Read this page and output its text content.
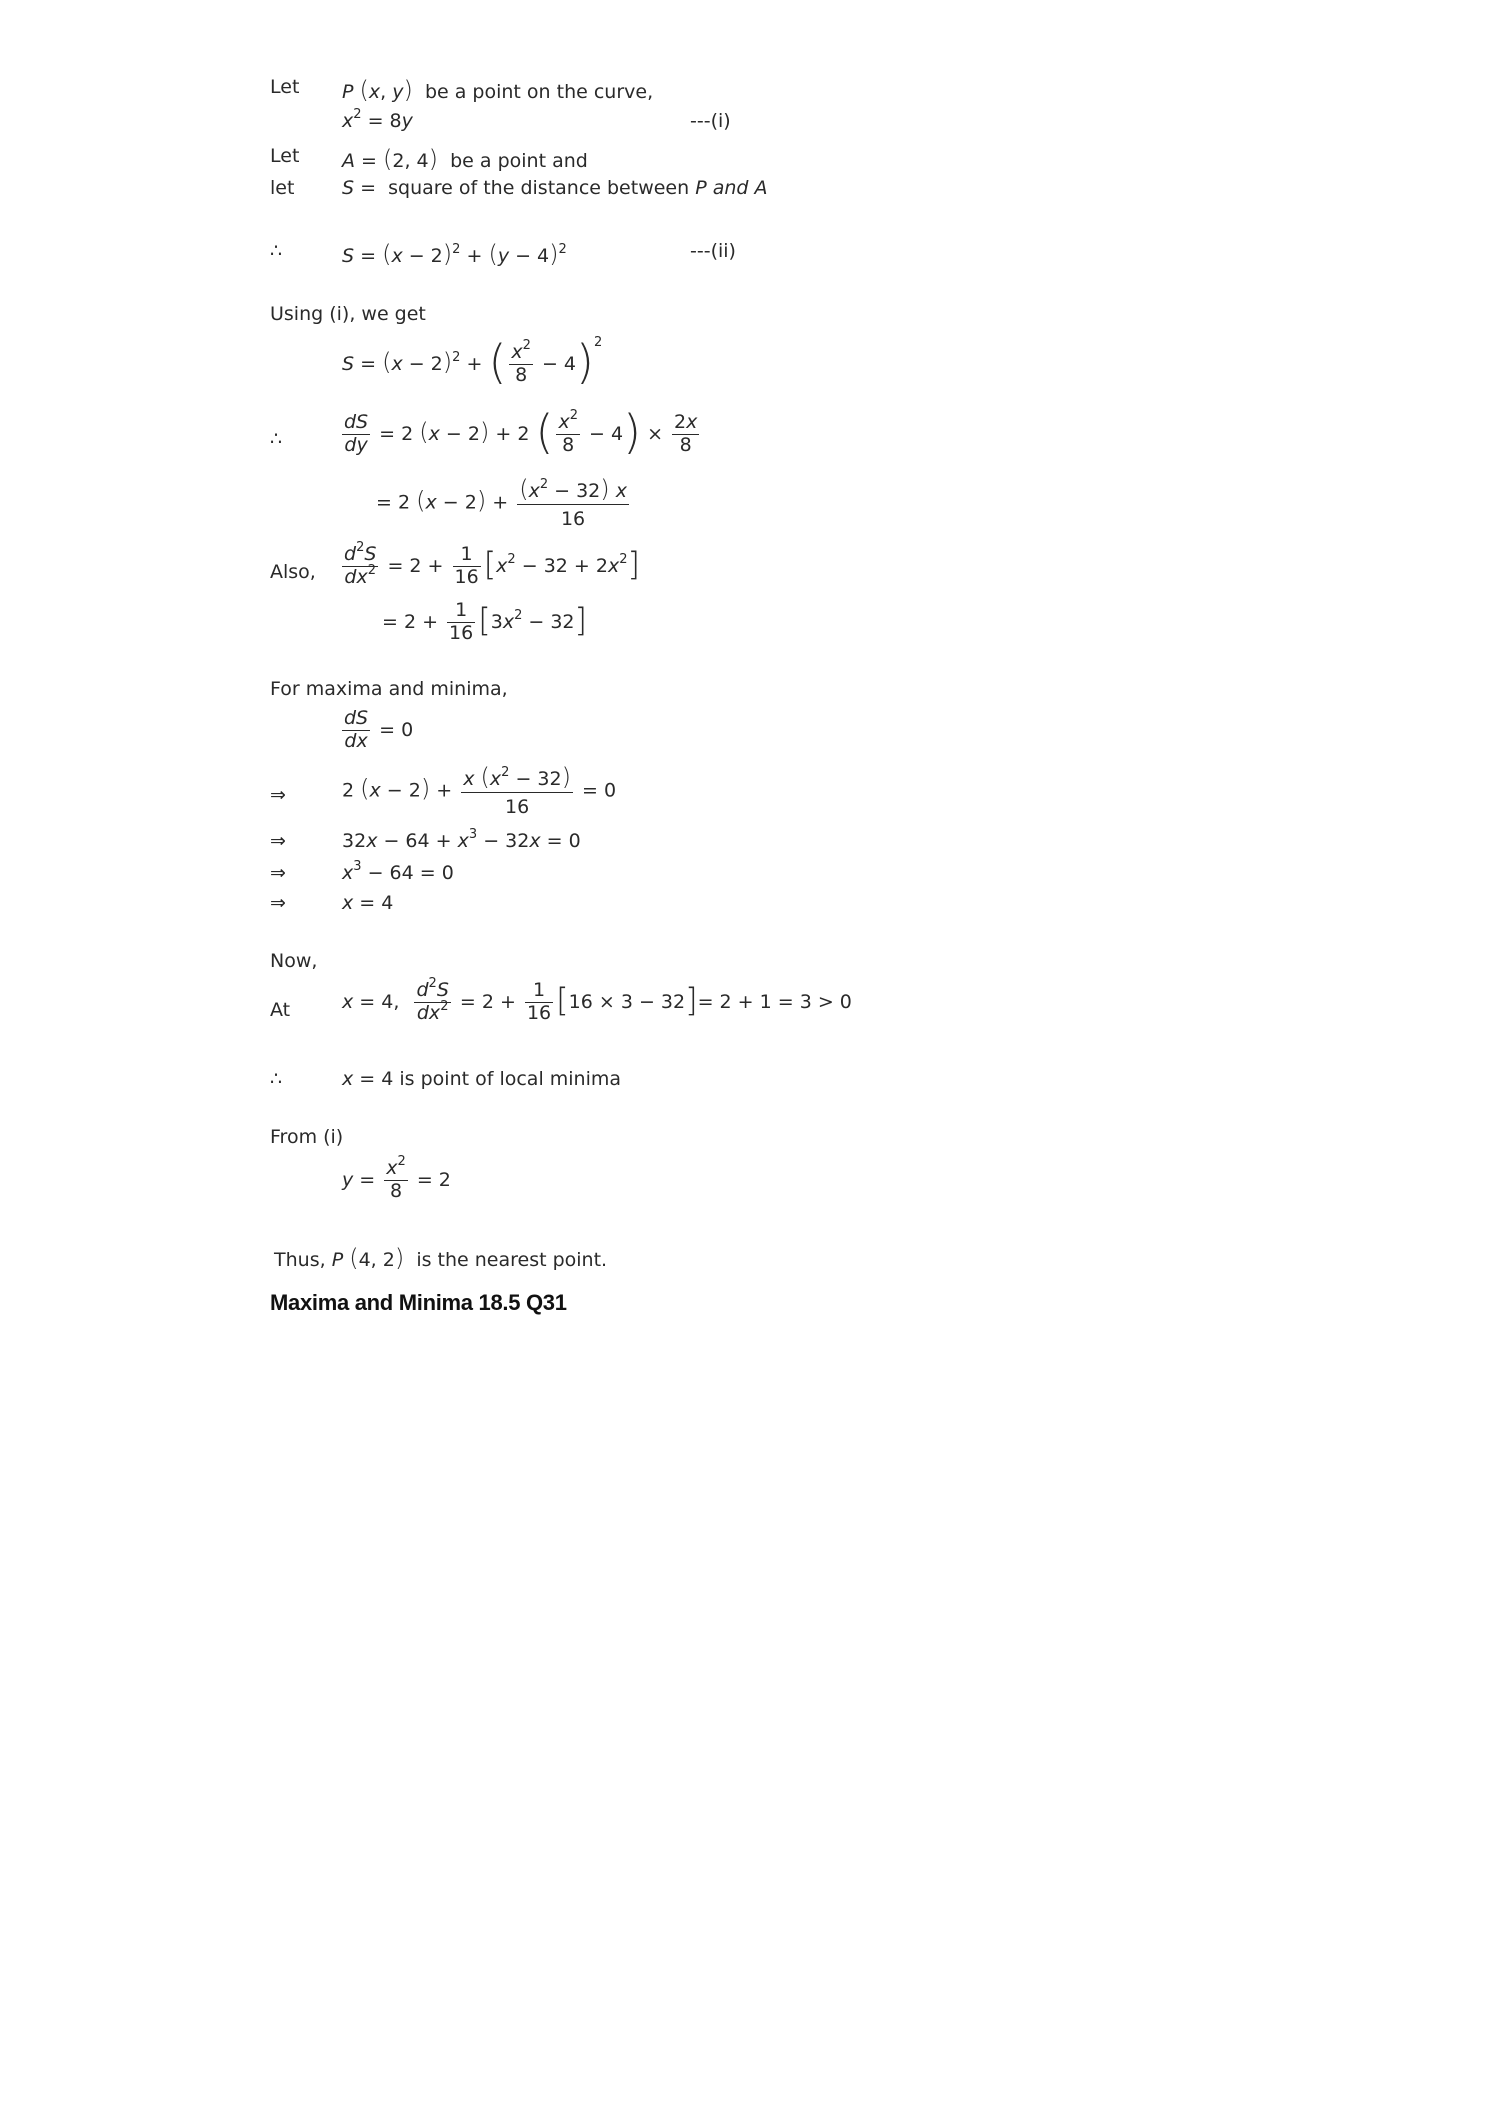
Let P (x, y) be a point on the curve,
$x^2 = 8y$	---(i)
Let A = (2, 4) be a point and
let	S =  square of the distance between P and A
∴	$S = (x - 2)^2 + (y - 4)^2$	---(ii)
Using (i), we get
$S = (x - 2)^2$ + ( $\frac{x^2}{8} - 4)^2$
∴	$\frac{dS}{dy} = 2$ (x − 2) + 2 ( $\frac{x^2}{8} - 4) \times \frac{2x}{8}$
= 2 $(x - 2) + \frac{(x^2 - 32) x}{16}$
Also, $\frac{d^2S}{dx^2} = 2 + \frac{1}{16} [x^2 - 32 + 2x^2]$
= $2 + \frac{1}{16} [3x^2 - 32]$
For maxima and minima,
$\frac{dS}{dx} = 0$
⇒	2 $(x - 2) + \frac{x (x^2 - 32)}{16} = 0$
⇒	$32x - 64 + x^3 - 32x = 0$
⇒	$x^3 - 64 = 0$
⇒	x = 4
Now,
At	x = 4, $\frac{d^2S}{dx^2} = 2 + \frac{1}{16} [16 \times 3 - 32]= 2 + 1 = 3 > 0$
∴	x = 4 is point of local minima
From (i)
$y = \frac{x^2}{8} = 2$
Thus, P (4, 2) is the nearest point.
Maxima and Minima 18.5 Q31
